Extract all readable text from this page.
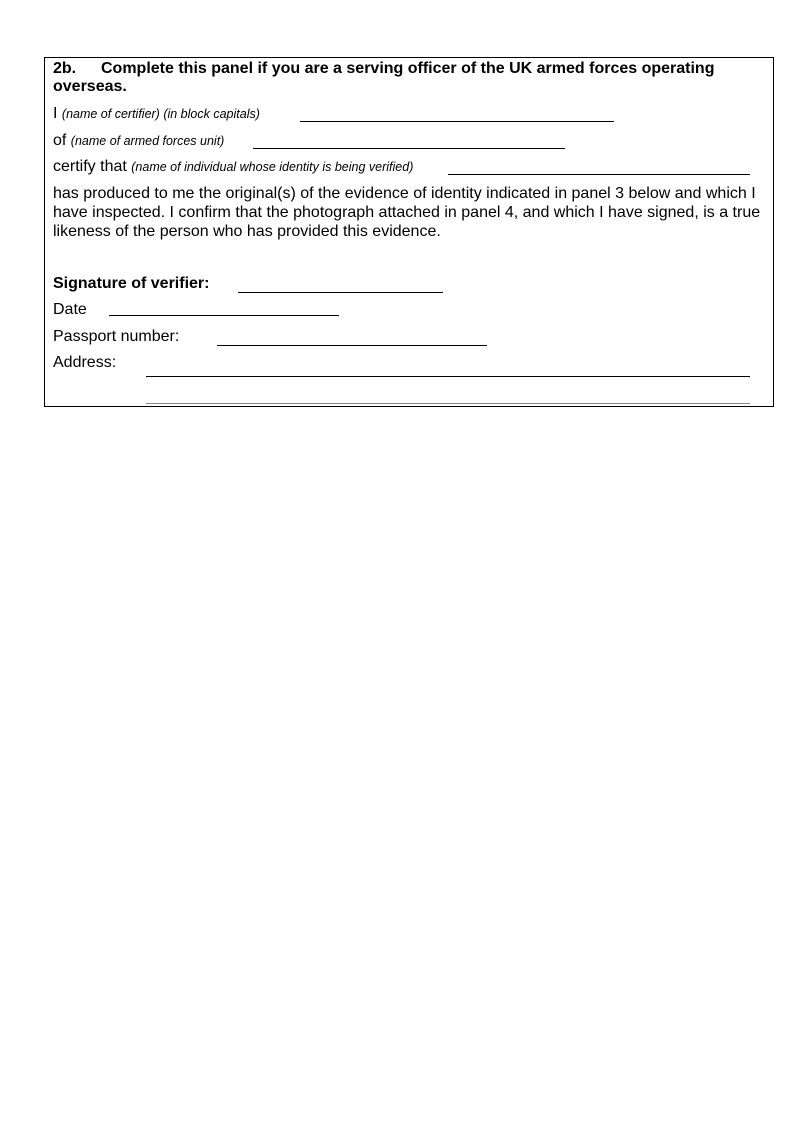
2b. Complete this panel if you are a serving officer of the UK armed forces operating
overseas.
I (name of certifier) (in block capitals)
of (name of armed forces unit)
certify that (name of individual whose identity is being verified)
has produced to me the original(s) of the evidence of identity indicated in panel 3 below and which I have inspected. I confirm that the photograph attached in panel 4, and which I have signed, is a true likeness of the person who has provided this evidence.
Signature of verifier:
Date
Passport number:
Address:
